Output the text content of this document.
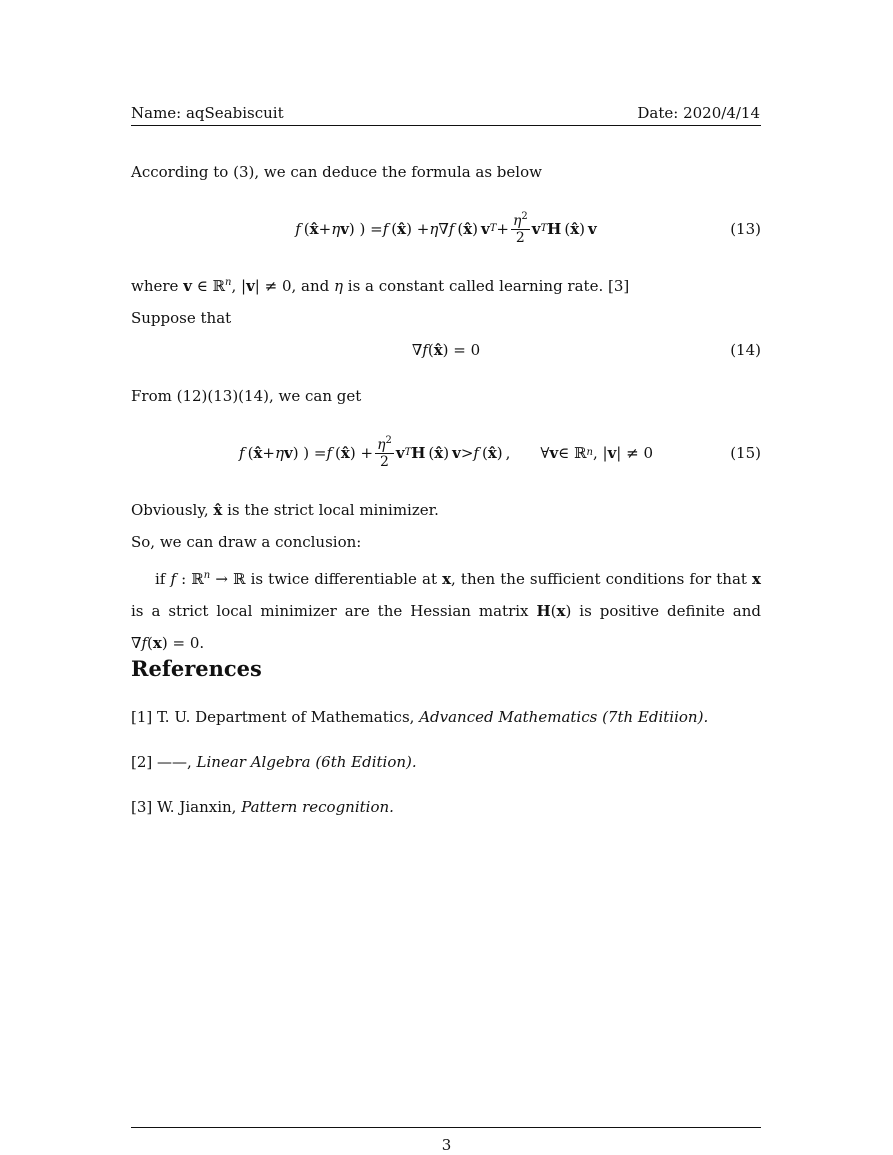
Name: aqSeabiscuit	Date: 2020/4/14
According to (3), we can deduce the formula as below
f  ( x̂ + η v ) ) = f  ( x̂ ) + η ∇ f  ( x̂ )  v $T + \frac{\eta^2}{2}$ v T H  ( x̂ )  v	(13)
where v ∈ ℝ$^n$, |v| ≠ 0, and η is a constant called learning rate. [3]
Suppose that
∇ f ( x̂ ) = 0	(14)
From (12)(13)(14), we can get
f  ( x̂ + η v ) ) = f  ( x̂ ) + $\frac{\eta^2}{2}$ v T H  ( x̂ )  v > f  ( x̂ ) ,
∀ v ∈ ℝ n , | v | ≠ 0	(15)
Obviously, x̂ is the strict local minimizer.
So, we can draw a conclusion:
if f : ℝ$^n$ → ℝ is twice differentiable at x, then the sufficient conditions for that x is a strict local minimizer are the Hessian matrix H(x) is positive definite and ∇f(x) = 0.
References
[1] T. U. Department of Mathematics, Advanced Mathematics (7th Editiion).
[2] ——, Linear Algebra (6th Edition).
[3] W. Jianxin, Pattern recognition.
3
